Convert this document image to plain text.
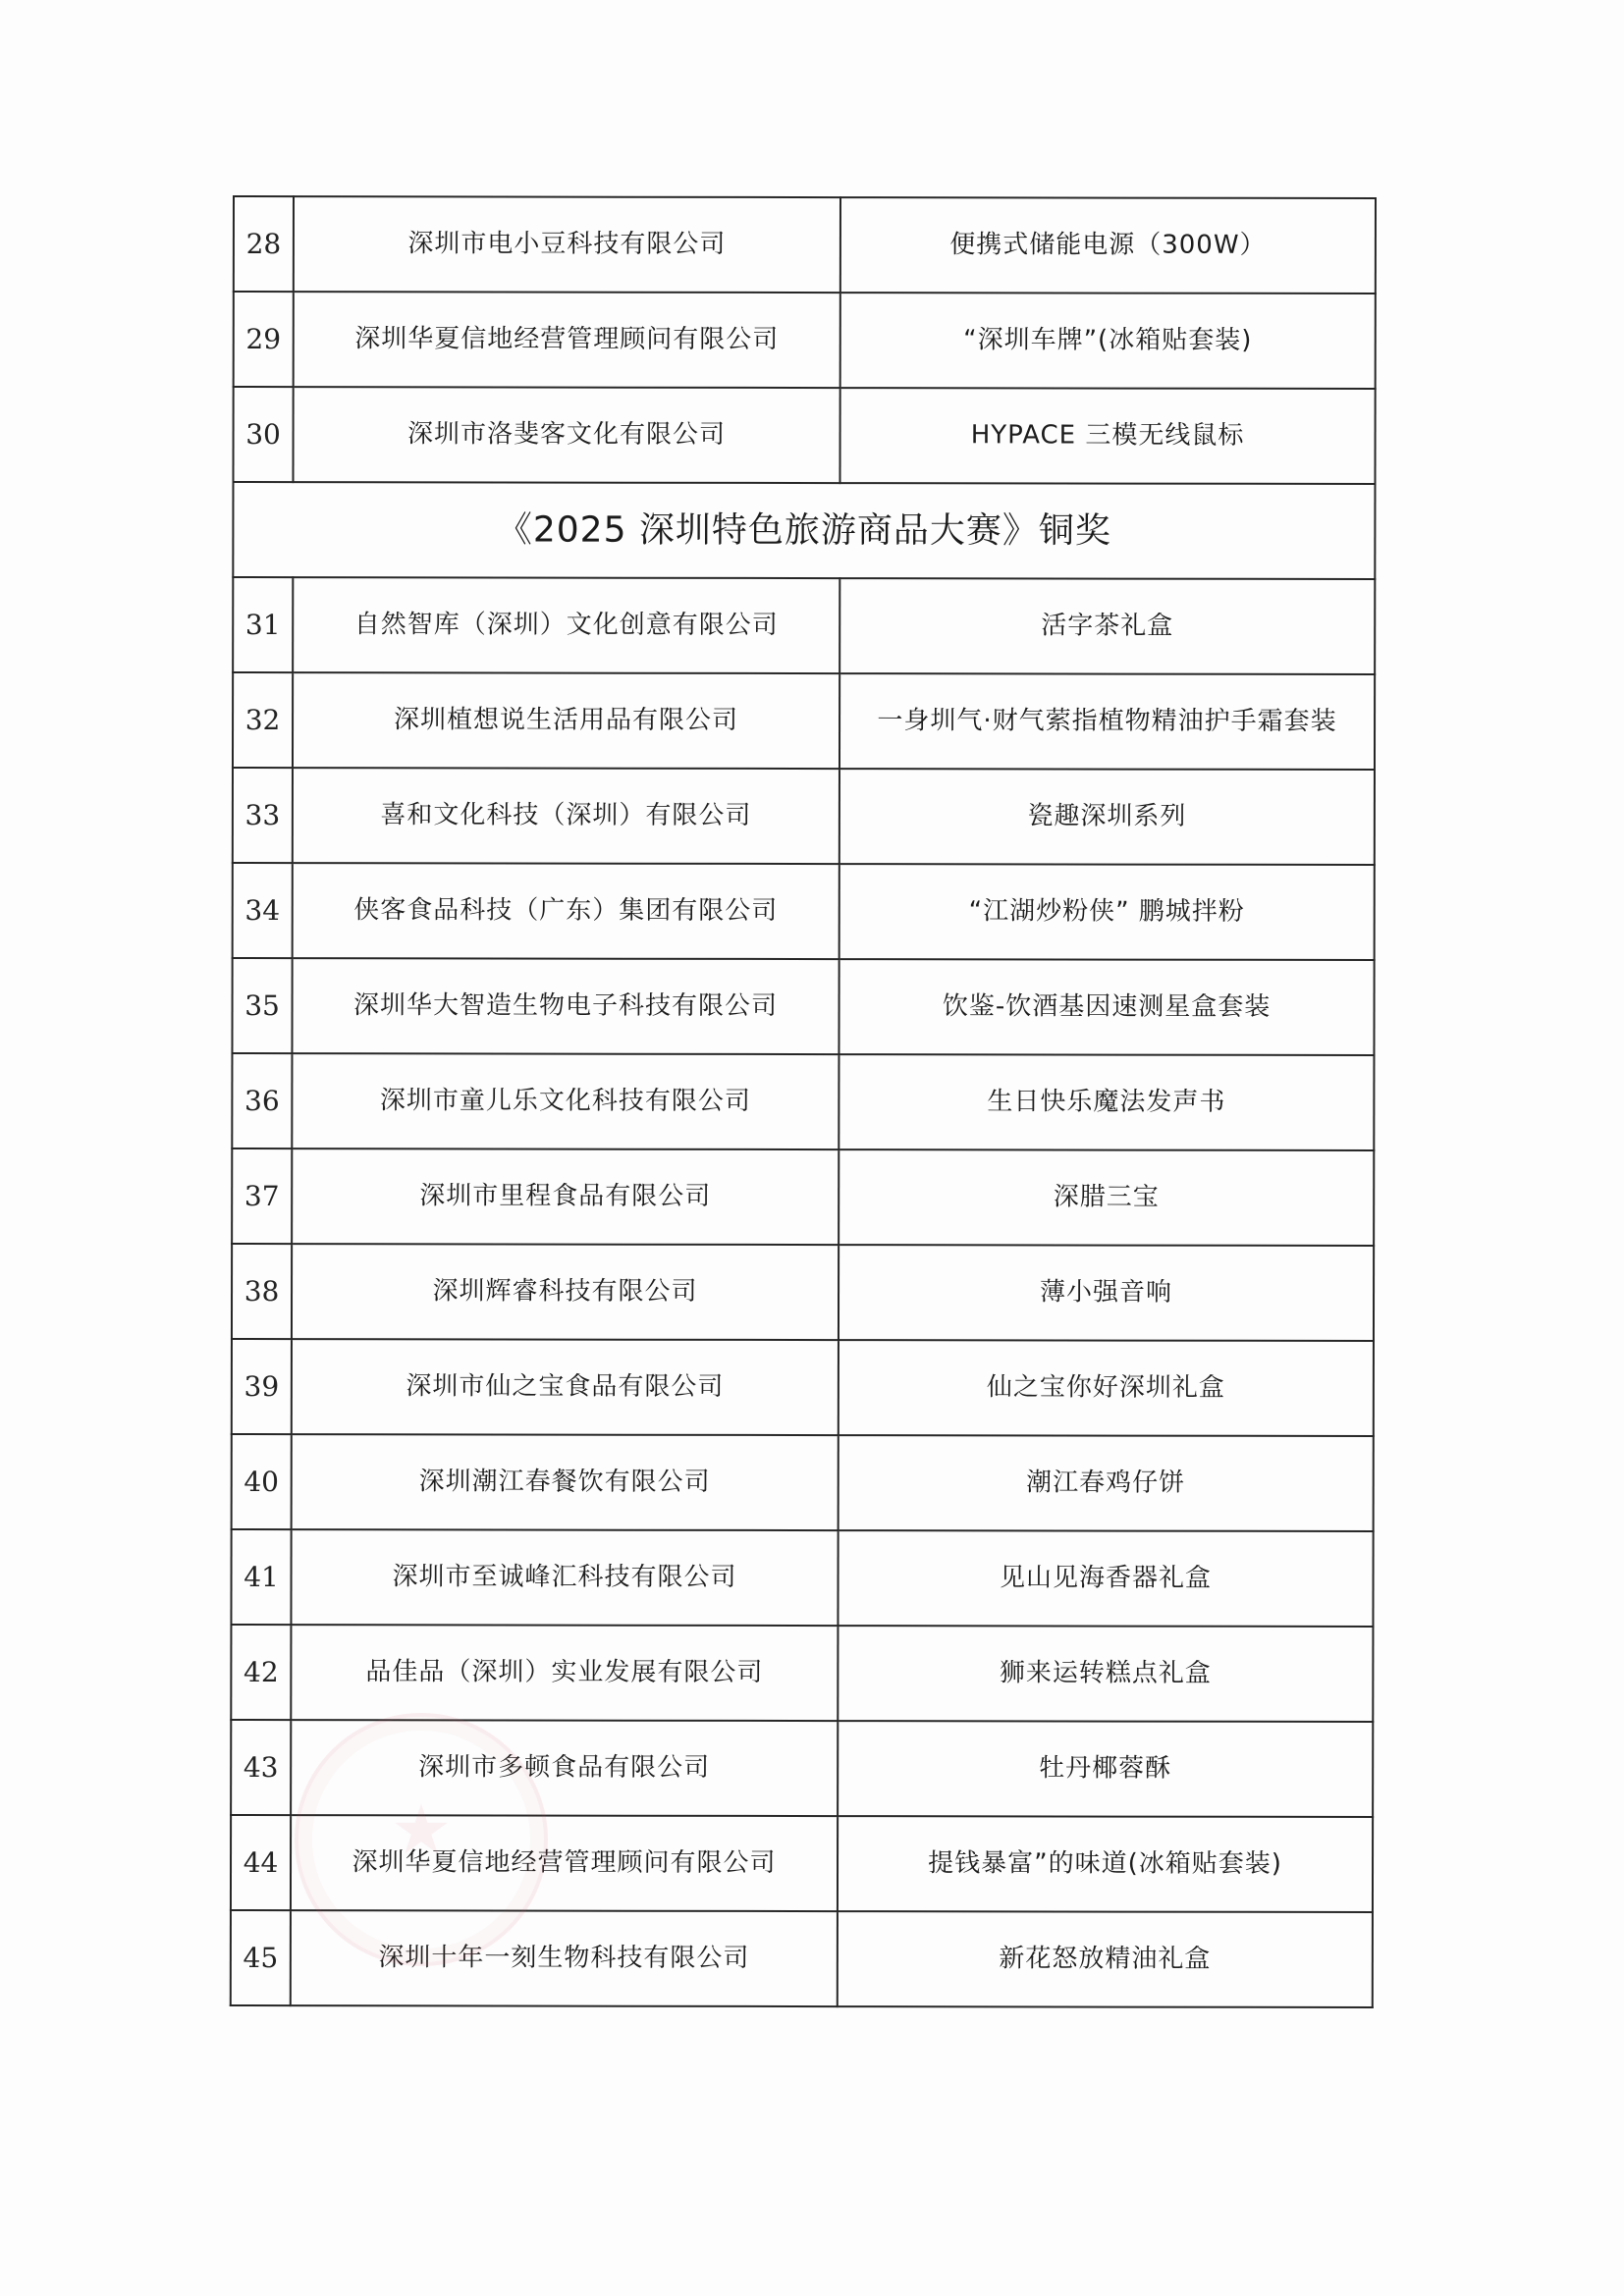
28	深圳市电小豆科技有限公司	便携式储能电源（300W）
29	深圳华夏信地经营管理顾问有限公司	“深圳车牌”(冰箱贴套装)
30	深圳市洛斐客文化有限公司	HYPACE 三模无线鼠标
《2025 深圳特色旅游商品大赛》铜奖		
31	自然智库（深圳）文化创意有限公司	活字茶礼盒
32	深圳植想说生活用品有限公司	一身圳气·财气萦指植物精油护手霜套装
33	喜和文化科技（深圳）有限公司	瓷趣深圳系列
34	侠客食品科技（广东）集团有限公司	“江湖炒粉侠” 鹏城拌粉
35	深圳华大智造生物电子科技有限公司	饮鉴-饮酒基因速测星盒套装
36	深圳市童儿乐文化科技有限公司	生日快乐魔法发声书
37	深圳市里程食品有限公司	深腊三宝
38	深圳辉睿科技有限公司	薄小强音响
39	深圳市仙之宝食品有限公司	仙之宝你好深圳礼盒
40	深圳潮江春餐饮有限公司	潮江春鸡仔饼
41	深圳市至诚峰汇科技有限公司	见山见海香器礼盒
42	品佳品（深圳）实业发展有限公司	狮来运转糕点礼盒
43	深圳市多顿食品有限公司	牡丹椰蓉酥
44	深圳华夏信地经营管理顾问有限公司	提钱暴富”的味道(冰箱贴套装)
45	深圳十年一刻生物科技有限公司	新花怒放精油礼盒
★
